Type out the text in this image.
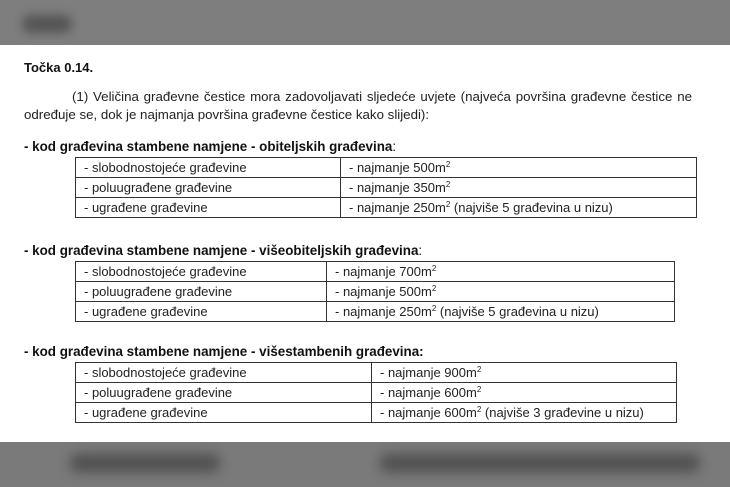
Točka 0.14.
(1) Veličina građevne čestice mora zadovoljavati sljedeće uvjete (najveća površina građevne čestice ne određuje se, dok je najmanja površina građevne čestice kako slijedi):
- kod građevina stambene namjene - obiteljskih građevina:
- slobodnostojeće građevine	- najmanje $500m^2$
- poluugrađene građevine	- najmanje $350m^2$
- ugrađene građevine	- najmanje $250m^2$ (najviše 5 građevina u nizu)
- kod građevina stambene namjene - višeobiteljskih građevina:
- slobodnostojeće građevine	- najmanje $700m^2$
- poluugrađene građevine	- najmanje $500m^2$
- ugrađene građevine	- najmanje $250m^2$ (najviše 5 građevina u nizu)
- kod građevina stambene namjene - višestambenih građevina:
- slobodnostojeće građevine	- najmanje $900m^2$
- poluugrađene građevine	- najmanje $600m^2$
- ugrađene građevine	- najmanje $600m^2$ (najviše 3 građevine u nizu)
